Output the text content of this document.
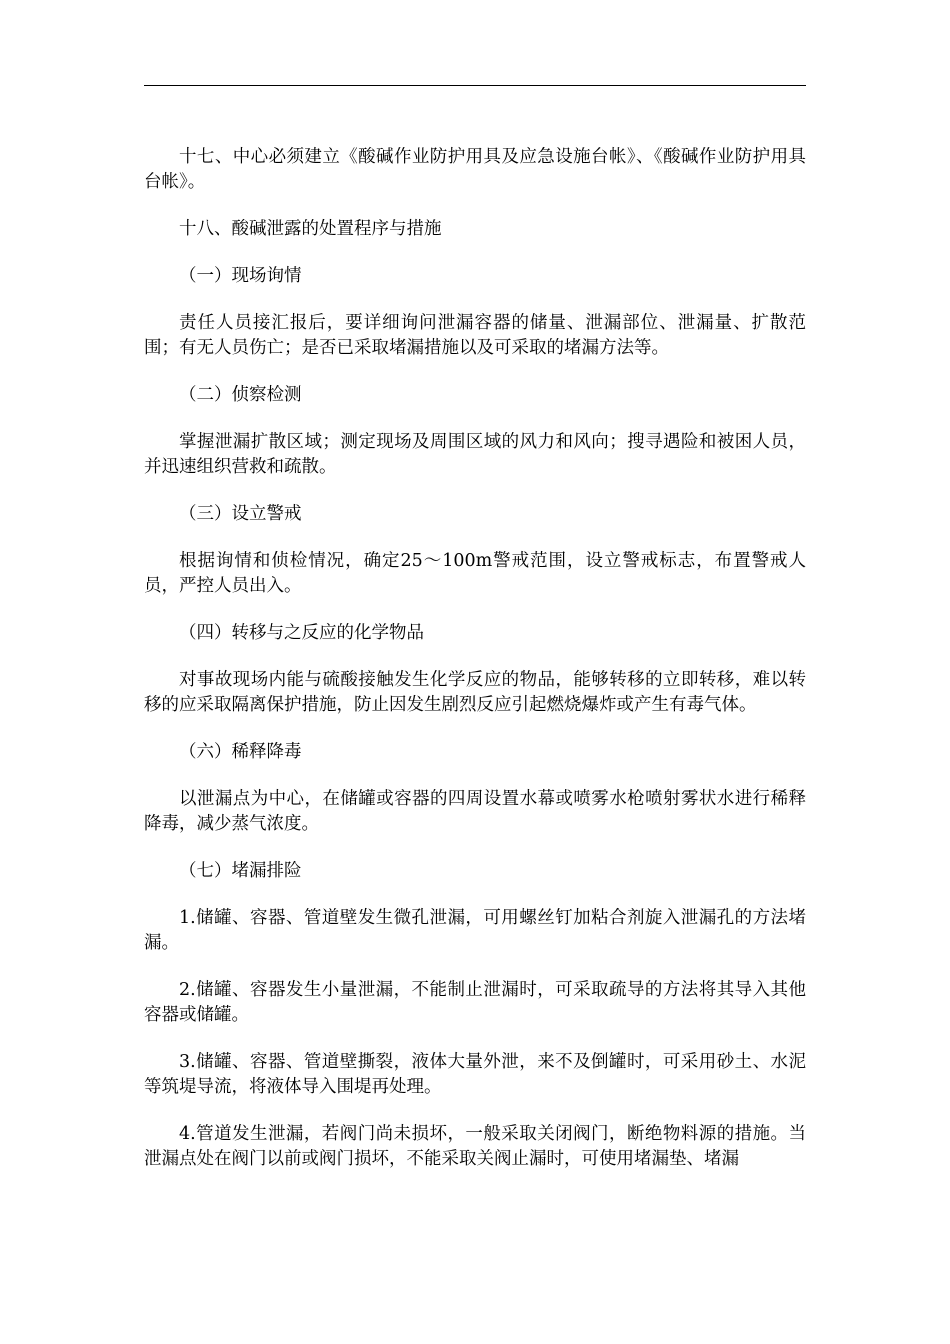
十七、中心必须建立《酸碱作业防护用具及应急设施台帐》、《酸碱作业防护用具台帐》。

十八、酸碱泄露的处置程序与措施

（一）现场询情

责任人员接汇报后，要详细询问泄漏容器的储量、泄漏部位、泄漏量、扩散范围；有无人员伤亡；是否已采取堵漏措施以及可采取的堵漏方法等。

（二）侦察检测

掌握泄漏扩散区域；测定现场及周围区域的风力和风向；搜寻遇险和被困人员，并迅速组织营救和疏散。

（三）设立警戒

根据询情和侦检情况，确定25～100m警戒范围，设立警戒标志，布置警戒人员，严控人员出入。

（四）转移与之反应的化学物品

对事故现场内能与硫酸接触发生化学反应的物品，能够转移的立即转移，难以转移的应采取隔离保护措施，防止因发生剧烈反应引起燃烧爆炸或产生有毒气体。

（六）稀释降毒

以泄漏点为中心，在储罐或容器的四周设置水幕或喷雾水枪喷射雾状水进行稀释降毒，减少蒸气浓度。

（七）堵漏排险

1.储罐、容器、管道壁发生微孔泄漏，可用螺丝钉加粘合剂旋入泄漏孔的方法堵漏。

2.储罐、容器发生小量泄漏，不能制止泄漏时，可采取疏导的方法将其导入其他容器或储罐。

3.储罐、容器、管道壁撕裂，液体大量外泄，来不及倒罐时，可采用砂土、水泥等筑堤导流，将液体导入围堤再处理。

4.管道发生泄漏，若阀门尚未损坏，一般采取关闭阀门，断绝物料源的措施。当泄漏点处在阀门以前或阀门损坏，不能采取关阀止漏时，可使用堵漏垫、堵漏
